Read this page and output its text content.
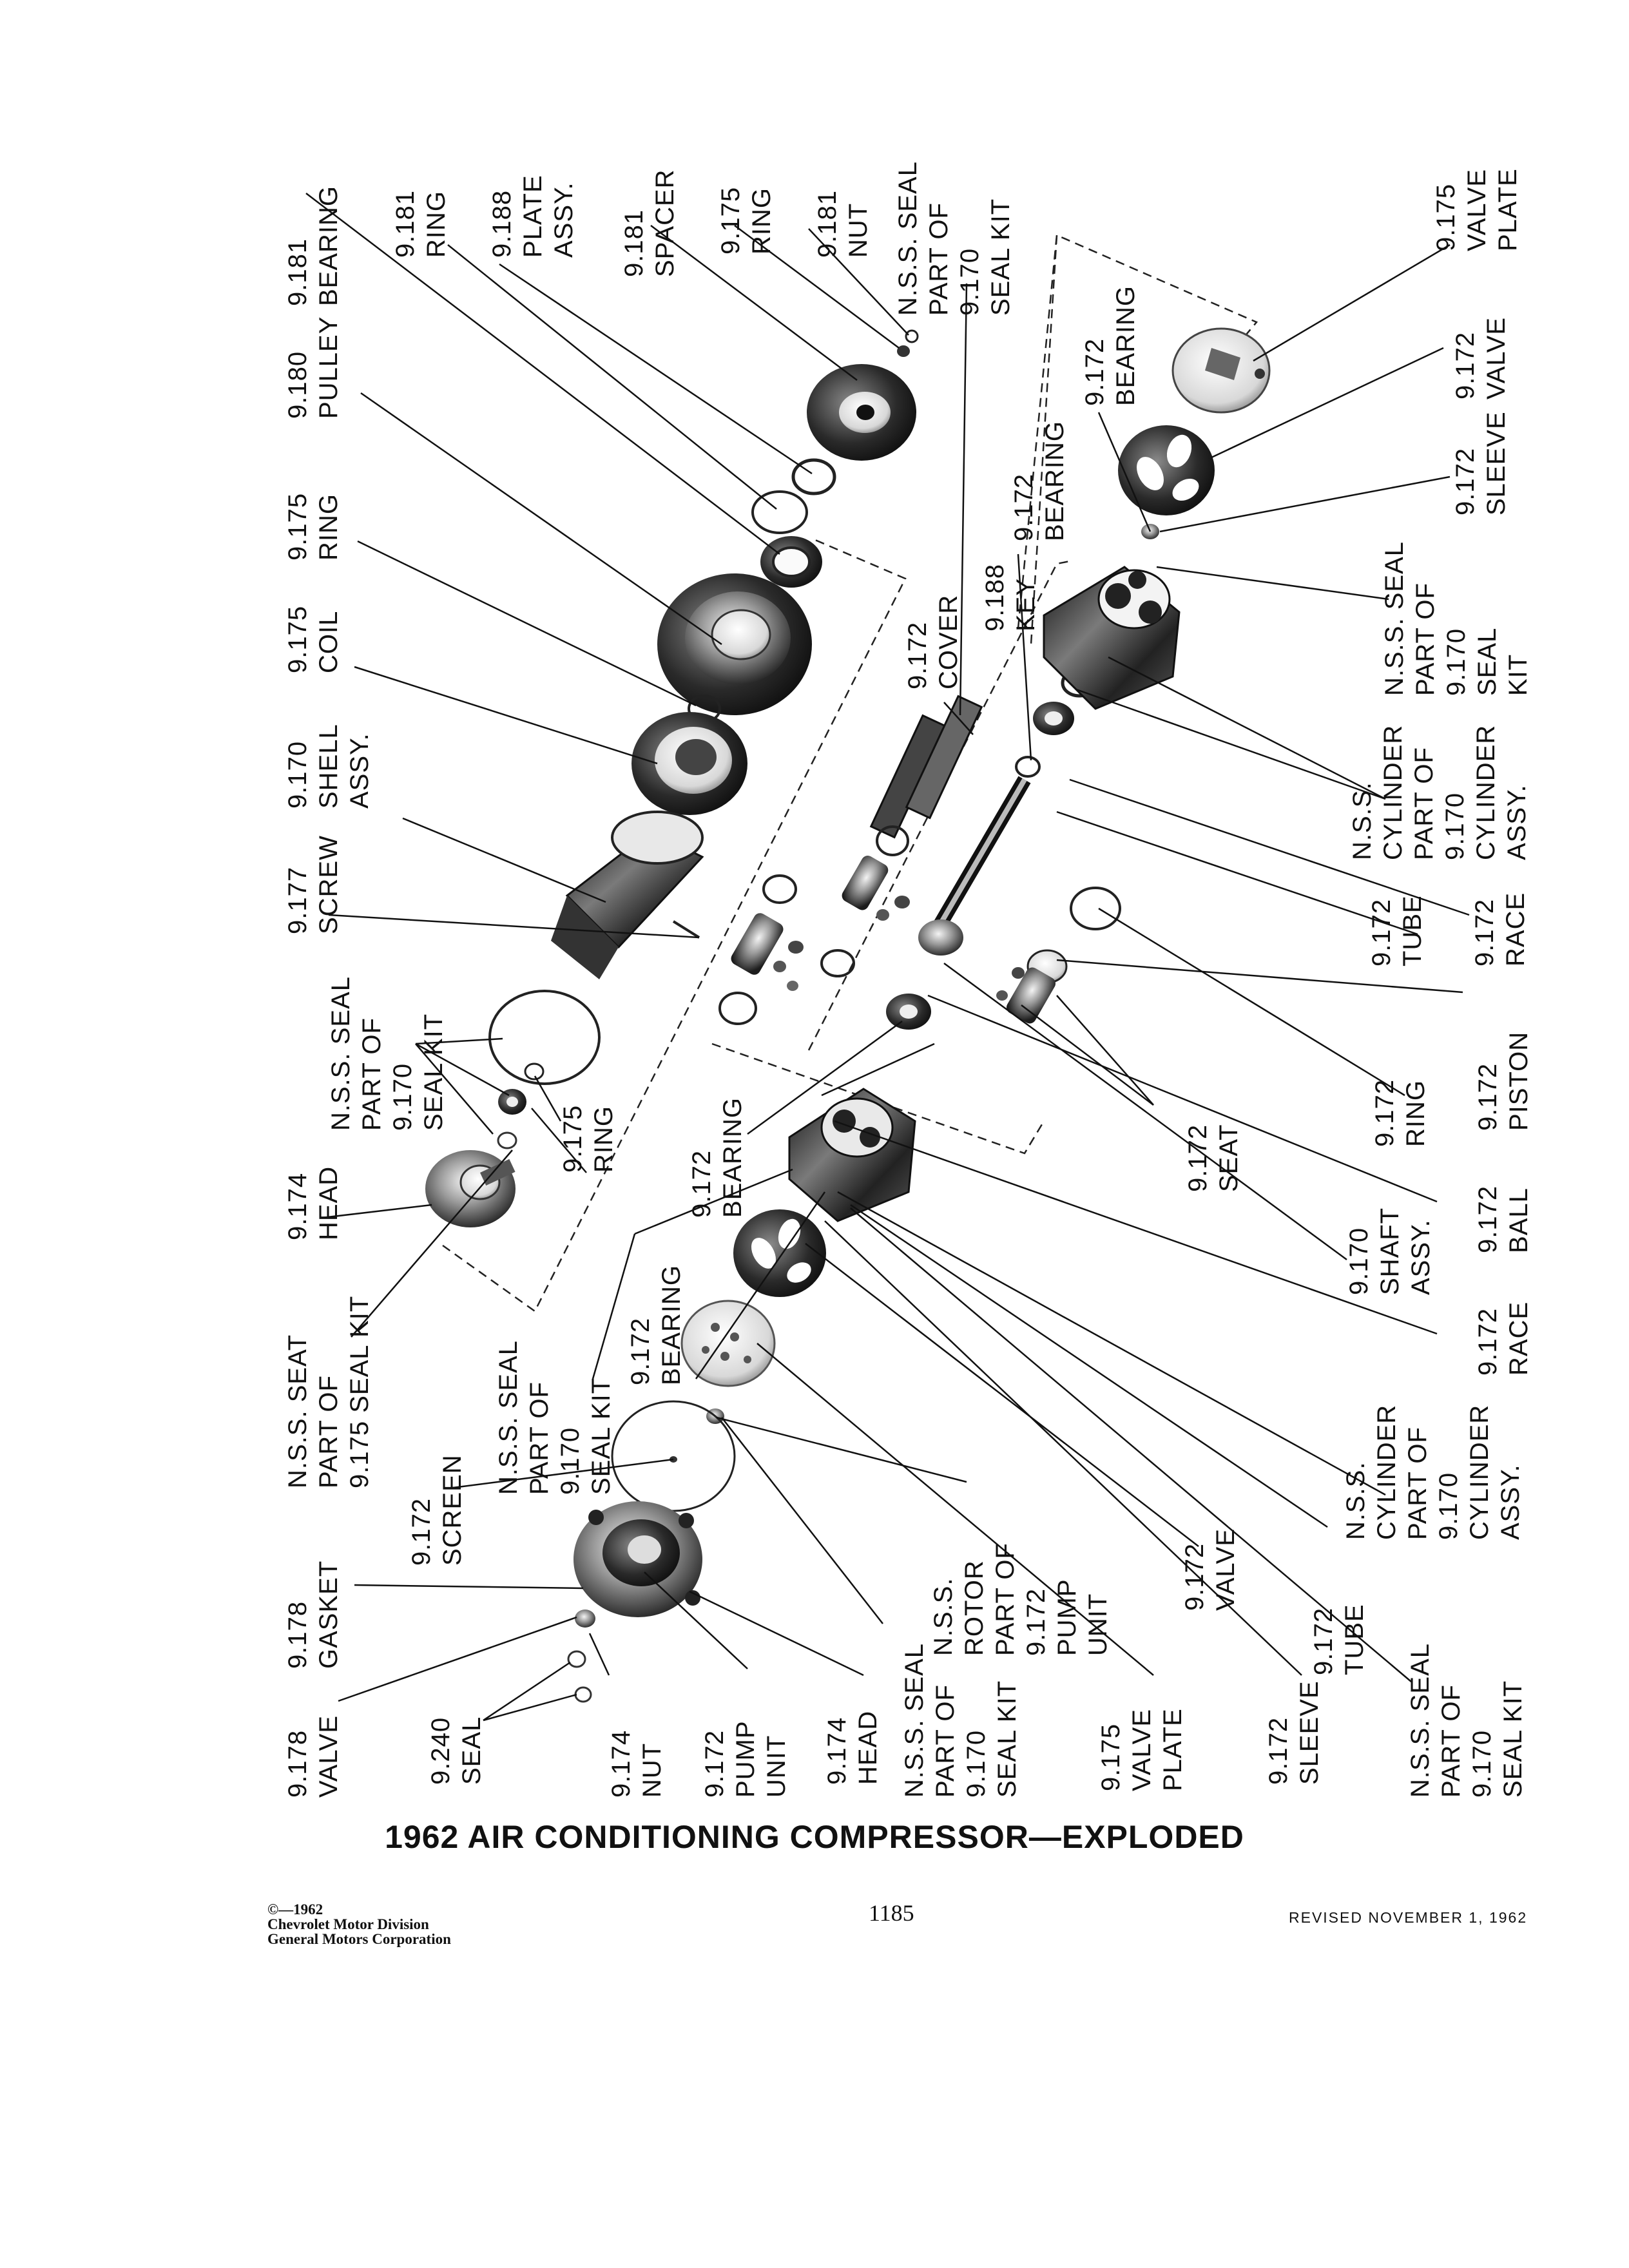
9.181 BEARING 9.181 RING 9.188 PLATE ASSY. 9.181 SPACER 9.175 RING 9.181 NUT N.S.S. SEAL PART OF 9.170 SEAL KIT	9.175 VALVE PLATE
9.180 PULLEY	9.172 BEARING	9.172 VALVE
9.172 BEARING	9.172 SLEEVE
9.175 RING
9.188 KEY
9.175 COIL	9.172 COVER	N.S.S. SEAL PART OF 9.170 SEAL KIT
9.170 SHELL ASSY.
N.S.S. CYLINDER PART OF 9.170 CYLINDER ASSY.
9.177 SCREW	9.172 TUBE 9.172 RACE
N.S.S. SEAL PART OF 9.170 SEAL KIT
9.175 RING	9.172 RING 9.172 PISTON
9.172 BEARING
9.174 HEAD
9.172 SEAT
9.170 SHAFT ASSY. 9.172 BALL
N.S.S. SEAT PART OF 9.175 SEAL KIT	9.172 RACE
N.S.S. SEAL PART OF 9.170 SEAL KIT
9.172 BEARING
9.172 SCREEN
N.S.S. ROTOR PART OF 9.172 PUMP UNIT
N.S.S. CYLINDER PART OF 9.170 CYLINDER ASSY.
9.172 VALVE
9.172 TUBE
9.178 GASKET
9.178 VALVE	9.240 SEAL	9.174 NUT 9.172 PUMP UNIT 9.174 HEAD N.S.S. SEAL PART OF 9.170 SEAL KIT	9.175 VALVE PLATE	9.172 SLEEVE	N.S.S. SEAL PART OF 9.170 SEAL KIT
1962 AIR CONDITIONING COMPRESSOR—EXPLODED
©—1962
Chevrolet Motor Division
General Motors Corporation
1185	REVISED NOVEMBER 1, 1962
